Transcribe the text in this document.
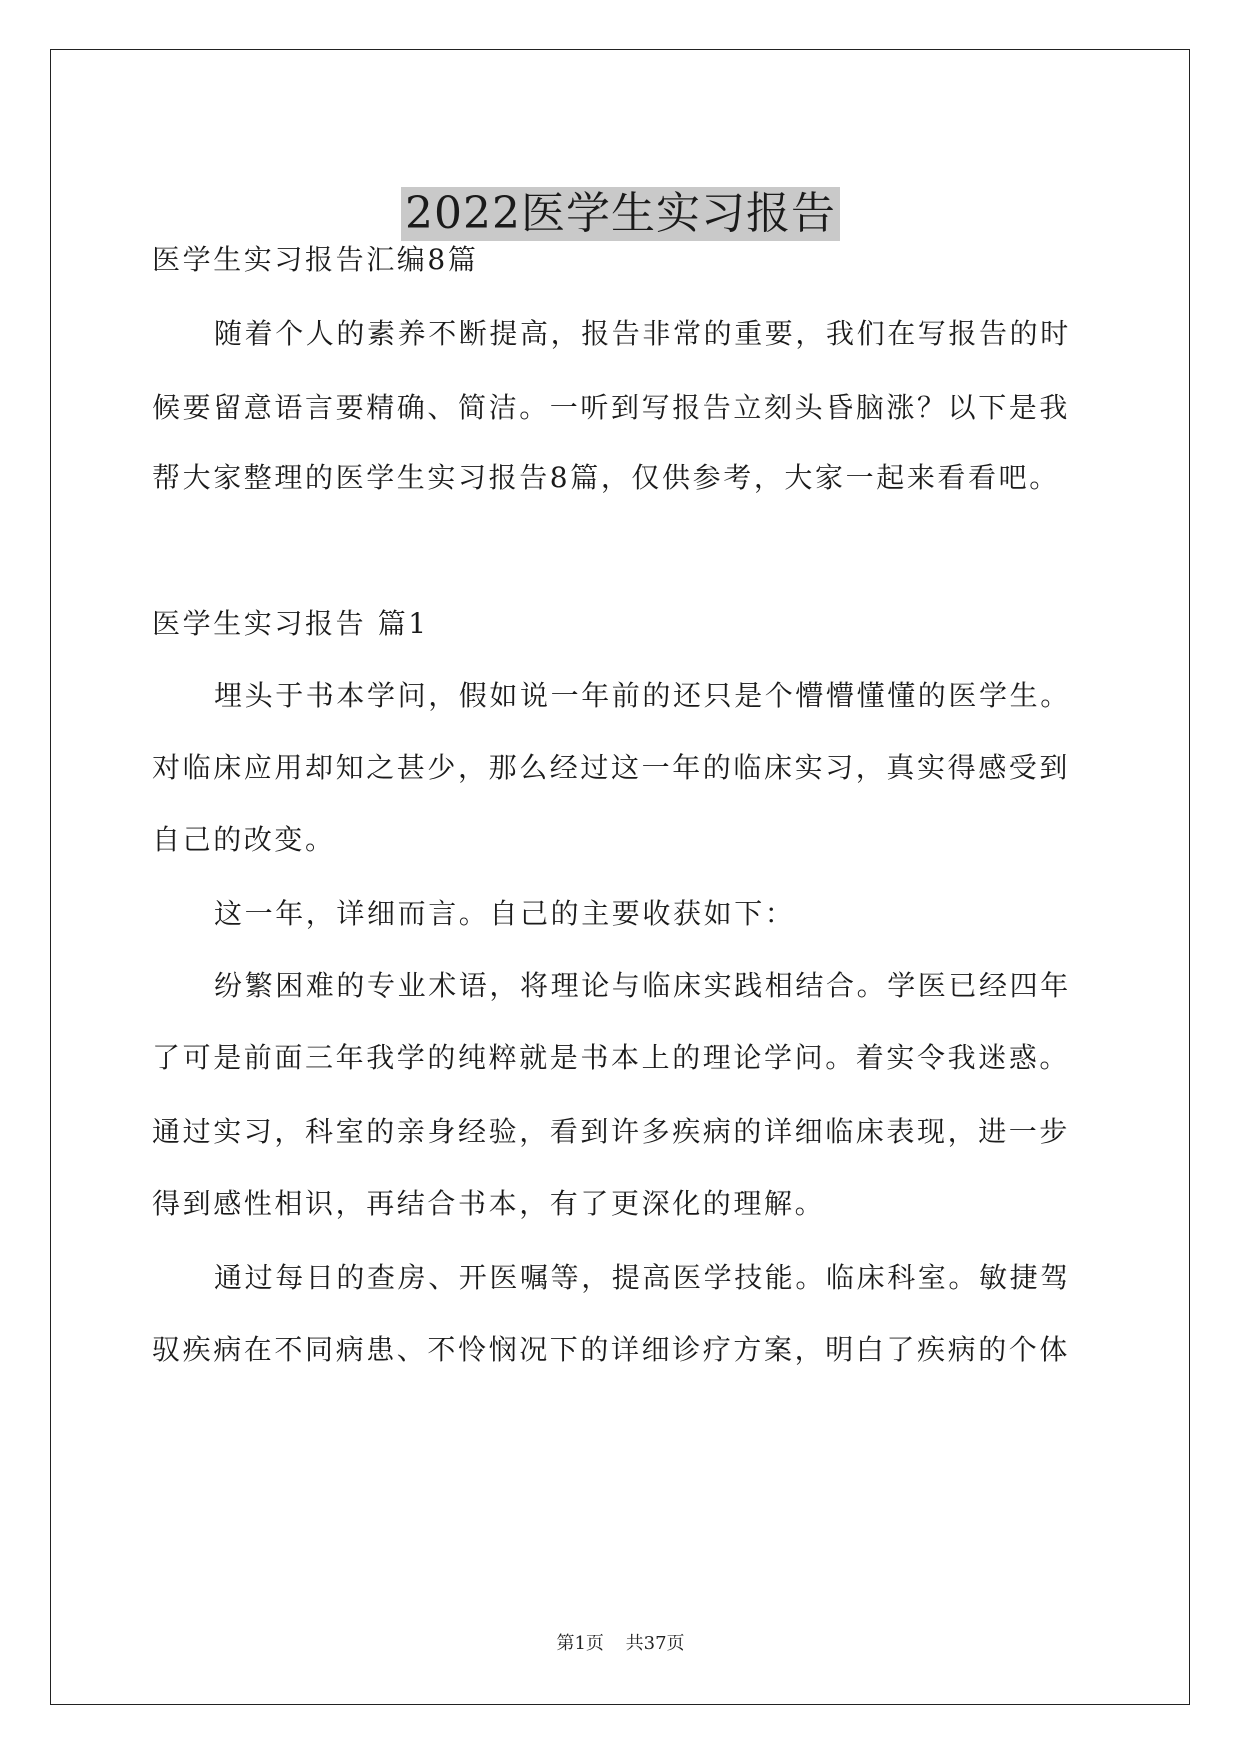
2022医学生实习报告
医学生实习报告汇编8篇
随着个人的素养不断提高，报告非常的重要，我们在写报告的时
候要留意语言要精确、简洁。一听到写报告立刻头昏脑涨？以下是我
帮大家整理的医学生实习报告8篇，仅供参考，大家一起来看看吧。
医学生实习报告 篇1
埋头于书本学问，假如说一年前的还只是个懵懵懂懂的医学生。
对临床应用却知之甚少，那么经过这一年的临床实习，真实得感受到
自己的改变。
这一年，详细而言。自己的主要收获如下：
纷繁困难的专业术语，将理论与临床实践相结合。学医已经四年
了可是前面三年我学的纯粹就是书本上的理论学问。着实令我迷惑。
通过实习，科室的亲身经验，看到许多疾病的详细临床表现，进一步
得到感性相识，再结合书本，有了更深化的理解。
通过每日的查房、开医嘱等，提高医学技能。临床科室。敏捷驾
驭疾病在不同病患、不怜悯况下的详细诊疗方案，明白了疾病的个体
第1页 共37页
